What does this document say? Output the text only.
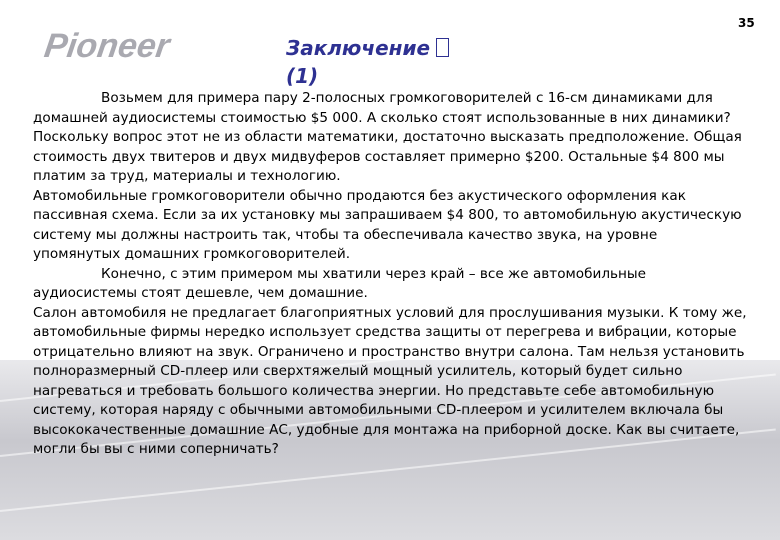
Pioneer
35
Заключение
(1)

Возьмем для примера пару 2-полосных громкоговорителей с 16-см динамиками для домашней аудиосистемы стоимостью $5 000. А сколько стоят использованные в них динамики? Поскольку вопрос этот не из области математики, достаточно высказать предположение. Общая стоимость двух твитеров и двух мидвуферов составляет примерно $200. Остальные $4 800 мы платим за труд, материалы и технологию.

Автомобильные громкоговорители обычно продаются без акустического оформления как пассивная схема. Если за их установку мы запрашиваем $4 800, то автомобильную акустическую систему мы должны настроить так, чтобы та обеспечивала качество звука, на уровне упомянутых домашних громкоговорителей.

Конечно, с этим примером мы хватили через край – все же автомобильные аудиосистемы стоят дешевле, чем домашние.

Салон автомобиля не предлагает благоприятных условий для прослушивания музыки. К тому же, автомобильные фирмы нередко использует средства защиты от перегрева и вибрации, которые отрицательно влияют на звук. Ограничено и пространство внутри салона. Там нельзя установить полноразмерный CD-плеер или сверхтяжелый мощный усилитель, который будет сильно нагреваться и требовать большого количества энергии. Но представьте себе автомобильную систему, которая наряду с обычными автомобильными CD-плеером и усилителем включала бы высококачественные домашние АС, удобные для монтажа на приборной доске. Как вы считаете, могли бы вы с ними соперничать?
